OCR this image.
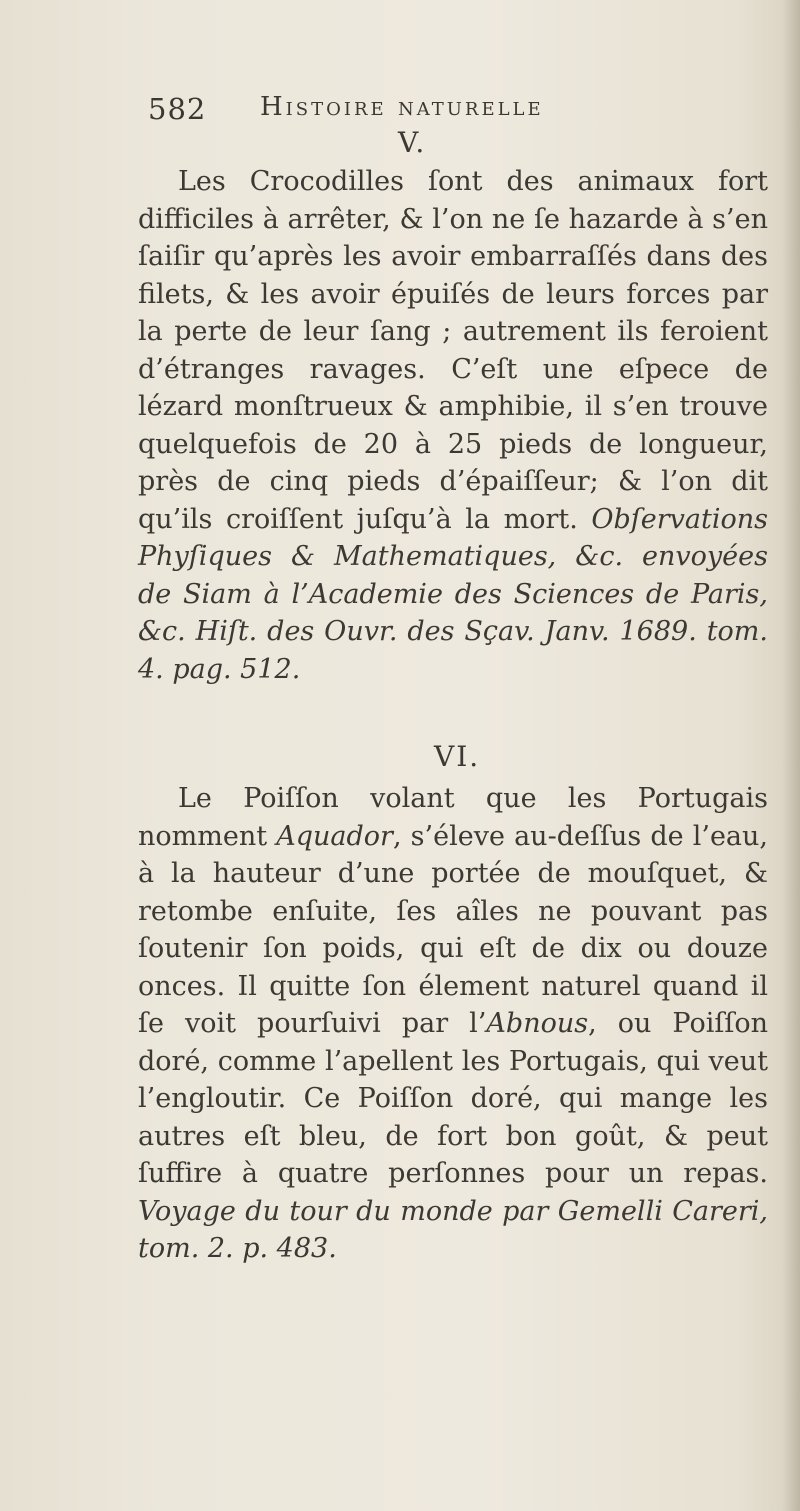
582 Histoire naturelle
V.
Les Crocodilles ſont des animaux fort difficiles à arrêter, & l’on ne ſe hazarde à s’en ſaiſir qu’après les avoir embarraſſés dans des filets, & les avoir épuiſés de leurs forces par la perte de leur ſang ; autrement ils feroient d’étranges ravages. C’eſt une eſpece de lézard monſtrueux & amphibie, il s’en trouve quelquefois de 20 à 25 pieds de longueur, près de cinq pieds d’épaiſſeur; & l’on dit qu’ils croiſſent juſqu’à la mort. Obſervations Phyſiques & Mathematiques, &c. envoyées de Siam à l’Academie des Sciences de Paris, &c. Hiſt. des Ouvr. des Sçav. Janv. 1689. tom. 4. pag. 512.
VI.
Le Poiſſon volant que les Portugais nomment Aquador, s’éleve au-deſſus de l’eau, à la hauteur d’une portée de mouſquet, & retombe enſuite, ſes aîles ne pouvant pas ſoutenir ſon poids, qui eſt de dix ou douze onces. Il quitte ſon élement naturel quand il ſe voit pourſuivi par l’Abnous, ou Poiſſon doré, comme l’apellent les Portugais, qui veut l’engloutir. Ce Poiſſon doré, qui mange les autres eſt bleu, de fort bon goût, & peut ſuffire à quatre perſonnes pour un repas. Voyage du tour du monde par Gemelli Careri, tom. 2. p. 483.
